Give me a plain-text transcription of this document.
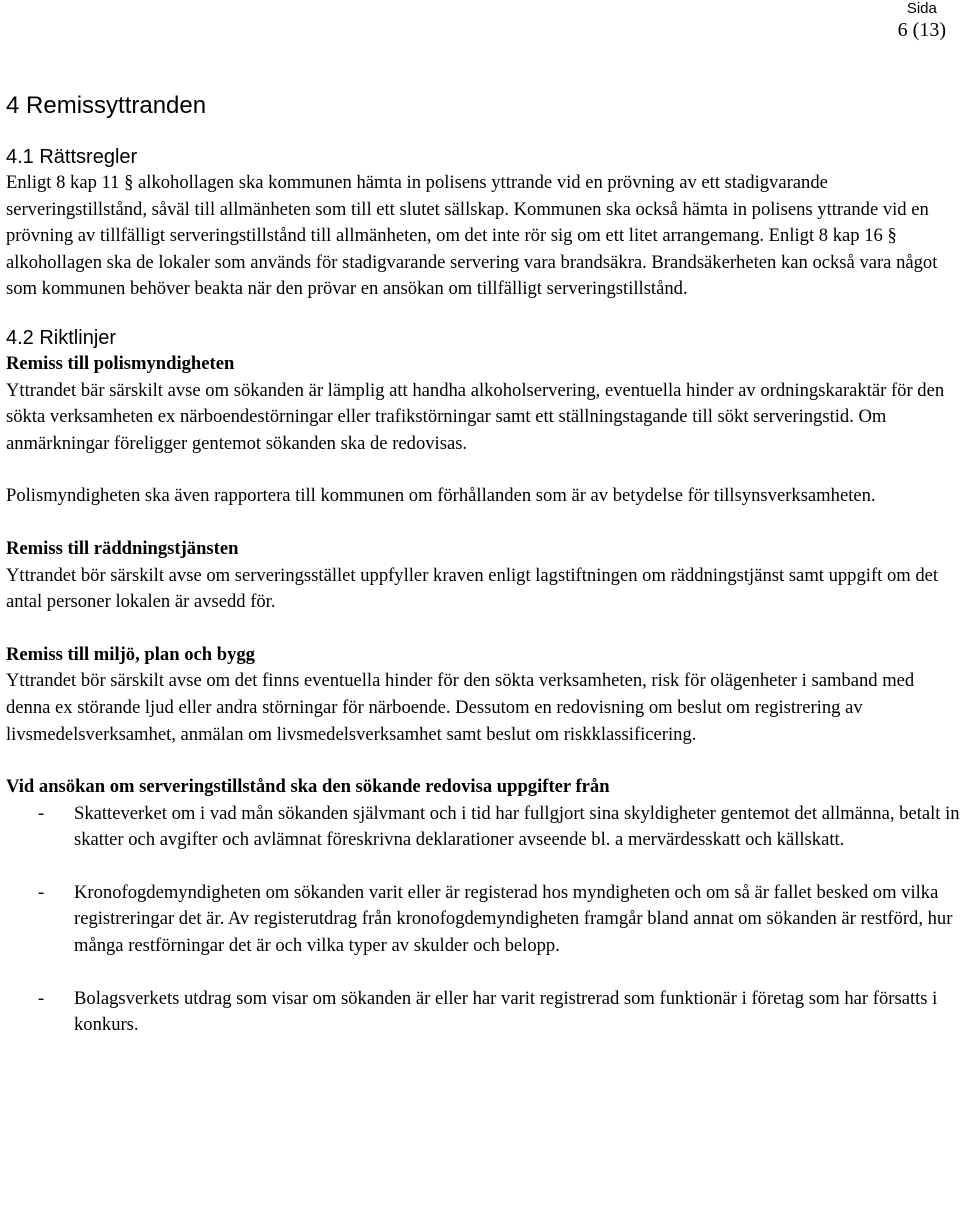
Sida
6 (13)
4 Remissyttranden
4.1 Rättsregler

Enligt 8 kap 11 § alkohollagen ska kommunen hämta in polisens yttrande vid en prövning av ett stadigvarande serveringstillstånd, såväl till allmänheten som till ett slutet sällskap. Kommunen ska också hämta in polisens yttrande vid en prövning av tillfälligt serveringstillstånd till allmänheten, om det inte rör sig om ett litet arrangemang. Enligt 8 kap 16 § alkohollagen ska de lokaler som används för stadigvarande servering vara brandsäkra. Brandsäkerheten kan också vara något som kommunen behöver beakta när den prövar en ansökan om tillfälligt serveringstillstånd.

4.2 Riktlinjer
Remiss till polismyndigheten

Yttrandet bär särskilt avse om sökanden är lämplig att handha alkoholservering, eventuella hinder av ordningskaraktär för den sökta verksamheten ex närboendestörningar eller trafikstörningar samt ett ställningstagande till sökt serveringstid. Om anmärkningar föreligger gentemot sökanden ska de redovisas.

Polismyndigheten ska även rapportera till kommunen om förhållanden som är av betydelse för tillsynsverksamheten.

Remiss till räddningstjänsten

Yttrandet bör särskilt avse om serveringsstället uppfyller kraven enligt lagstiftningen om räddningstjänst samt uppgift om det antal personer lokalen är avsedd för.

Remiss till miljö, plan och bygg

Yttrandet bör särskilt avse om det finns eventuella hinder för den sökta verksamheten, risk för olägenheter i samband med denna ex störande ljud eller andra störningar för närboende. Dessutom en redovisning om beslut om registrering av livsmedelsverksamhet, anmälan om livsmedelsverksamhet samt beslut om riskklassificering.

Vid ansökan om serveringstillstånd ska den sökande redovisa uppgifter från
- Skatteverket om i vad mån sökanden självmant och i tid har fullgjort sina skyldigheter gentemot det allmänna, betalt in skatter och avgifter och avlämnat föreskrivna deklarationer avseende bl. a mervärdesskatt och källskatt.
- Kronofogdemyndigheten om sökanden varit eller är registerad hos myndigheten och om så är fallet besked om vilka registreringar det är. Av registerutdrag från kronofogdemyndigheten framgår bland annat om sökanden är restförd, hur många restförningar det är och vilka typer av skulder och belopp.
- Bolagsverkets utdrag som visar om sökanden är eller har varit registrerad som funktionär i företag som har försatts i konkurs.
